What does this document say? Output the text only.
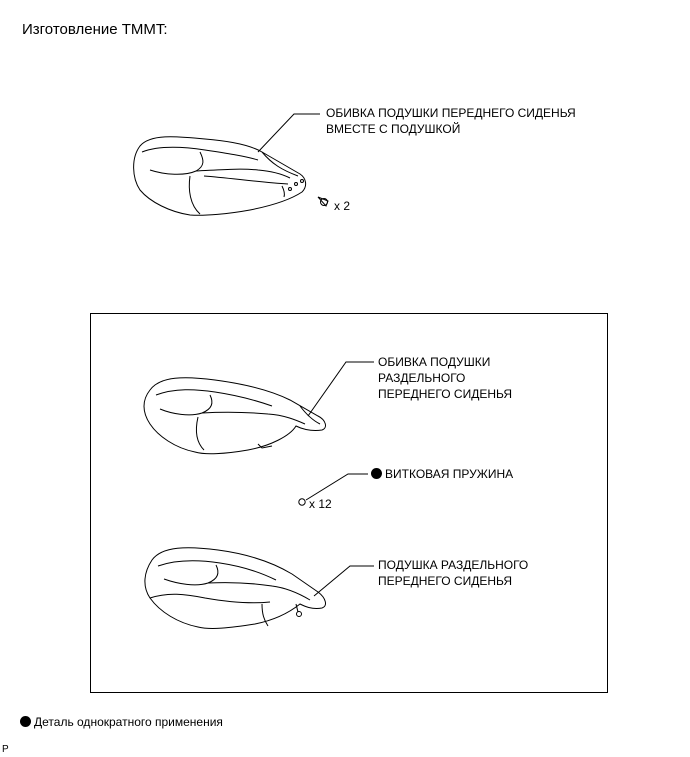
Изготовление TMMT:
ОБИВКА ПОДУШКИ ПЕРЕДНЕГО СИДЕНЬЯ
ВМЕСТЕ С ПОДУШКОЙ
x 2
ОБИВКА ПОДУШКИ
РАЗДЕЛЬНОГО
ПЕРЕДНЕГО СИДЕНЬЯ
ВИТКОВАЯ ПРУЖИНА
x 12
ПОДУШКА РАЗДЕЛЬНОГО
ПЕРЕДНЕГО СИДЕНЬЯ
Деталь однократного применения
P
